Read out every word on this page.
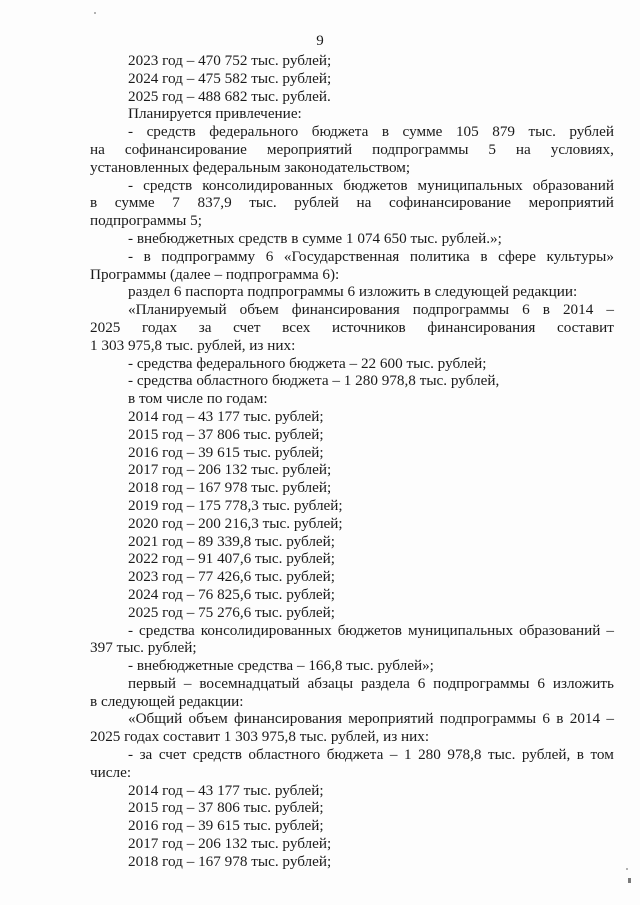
9
2023 год – 470 752 тыс. рублей;
2024 год – 475 582 тыс. рублей;
2025 год – 488 682 тыс. рублей.
Планируется привлечение:
- средств федерального бюджета в сумме 105 879 тыс. рублей
на софинансирование мероприятий подпрограммы 5 на условиях,
установленных федеральным законодательством;
- средств консолидированных бюджетов муниципальных образований
в сумме 7 837,9 тыс. рублей на софинансирование мероприятий
подпрограммы 5;
- внебюджетных средств в сумме 1 074 650 тыс. рублей.»;
- в подпрограмму 6 «Государственная политика в сфере культуры»
Программы (далее – подпрограмма 6):
раздел 6 паспорта подпрограммы 6 изложить в следующей редакции:
«Планируемый объем финансирования подпрограммы 6 в 2014 –
2025 годах за счет всех источников финансирования составит
1 303 975,8 тыс. рублей, из них:
- средства федерального бюджета – 22 600 тыс. рублей;
- средства областного бюджета – 1 280 978,8 тыс. рублей,
в том числе по годам:
2014 год – 43 177 тыс. рублей;
2015 год – 37 806 тыс. рублей;
2016 год – 39 615 тыс. рублей;
2017 год – 206 132 тыс. рублей;
2018 год – 167 978 тыс. рублей;
2019 год – 175 778,3 тыс. рублей;
2020 год – 200 216,3 тыс. рублей;
2021 год – 89 339,8 тыс. рублей;
2022 год – 91 407,6 тыс. рублей;
2023 год – 77 426,6 тыс. рублей;
2024 год – 76 825,6 тыс. рублей;
2025 год – 75 276,6 тыс. рублей;
- средства консолидированных бюджетов муниципальных образований –
397 тыс. рублей;
- внебюджетные средства – 166,8 тыс. рублей»;
первый – восемнадцатый абзацы раздела 6 подпрограммы 6 изложить
в следующей редакции:
«Общий объем финансирования мероприятий подпрограммы 6 в 2014 –
2025 годах составит 1 303 975,8 тыс. рублей, из них:
- за счет средств областного бюджета – 1 280 978,8 тыс. рублей, в том
числе:
2014 год – 43 177 тыс. рублей;
2015 год – 37 806 тыс. рублей;
2016 год – 39 615 тыс. рублей;
2017 год – 206 132 тыс. рублей;
2018 год – 167 978 тыс. рублей;
